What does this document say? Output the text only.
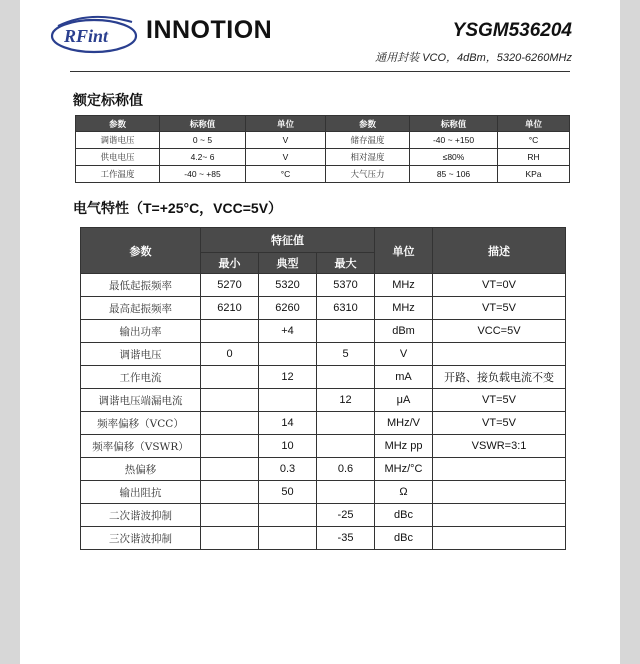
RFint INNOTION	YSGM536204
通用封装 VCO，4dBm，5320-6260MHz
额定标称值
参数	标称值	单位	参数	标称值	单位
调谐电压	0 ~ 5	V	储存温度	-40 ~ +150	°C
供电电压	4.2~ 6	V	相对湿度	≤80%	RH
工作温度	-40 ~ +85	°C	大气压力	85 ~ 106	KPa
电气特性（T=+25°C，VCC=5V）
参数	特征值			单位	描述
	最小	典型	最大		
最低起振频率	5270	5320	5370	MHz	VT=0V
最高起振频率	6210	6260	6310	MHz	VT=5V
输出功率		+4		dBm	VCC=5V
调谐电压	0		5	V	
工作电流		12		mA	开路、接负载电流不变
调谐电压端漏电流			12	μA	VT=5V
频率偏移（VCC）		14		MHz/V	VT=5V
频率偏移（VSWR）		10		MHz pp	VSWR=3:1
热偏移		0.3	0.6	MHz/°C	
输出阻抗		50		Ω	
二次谐波抑制			-25	dBc	
三次谐波抑制			-35	dBc	
